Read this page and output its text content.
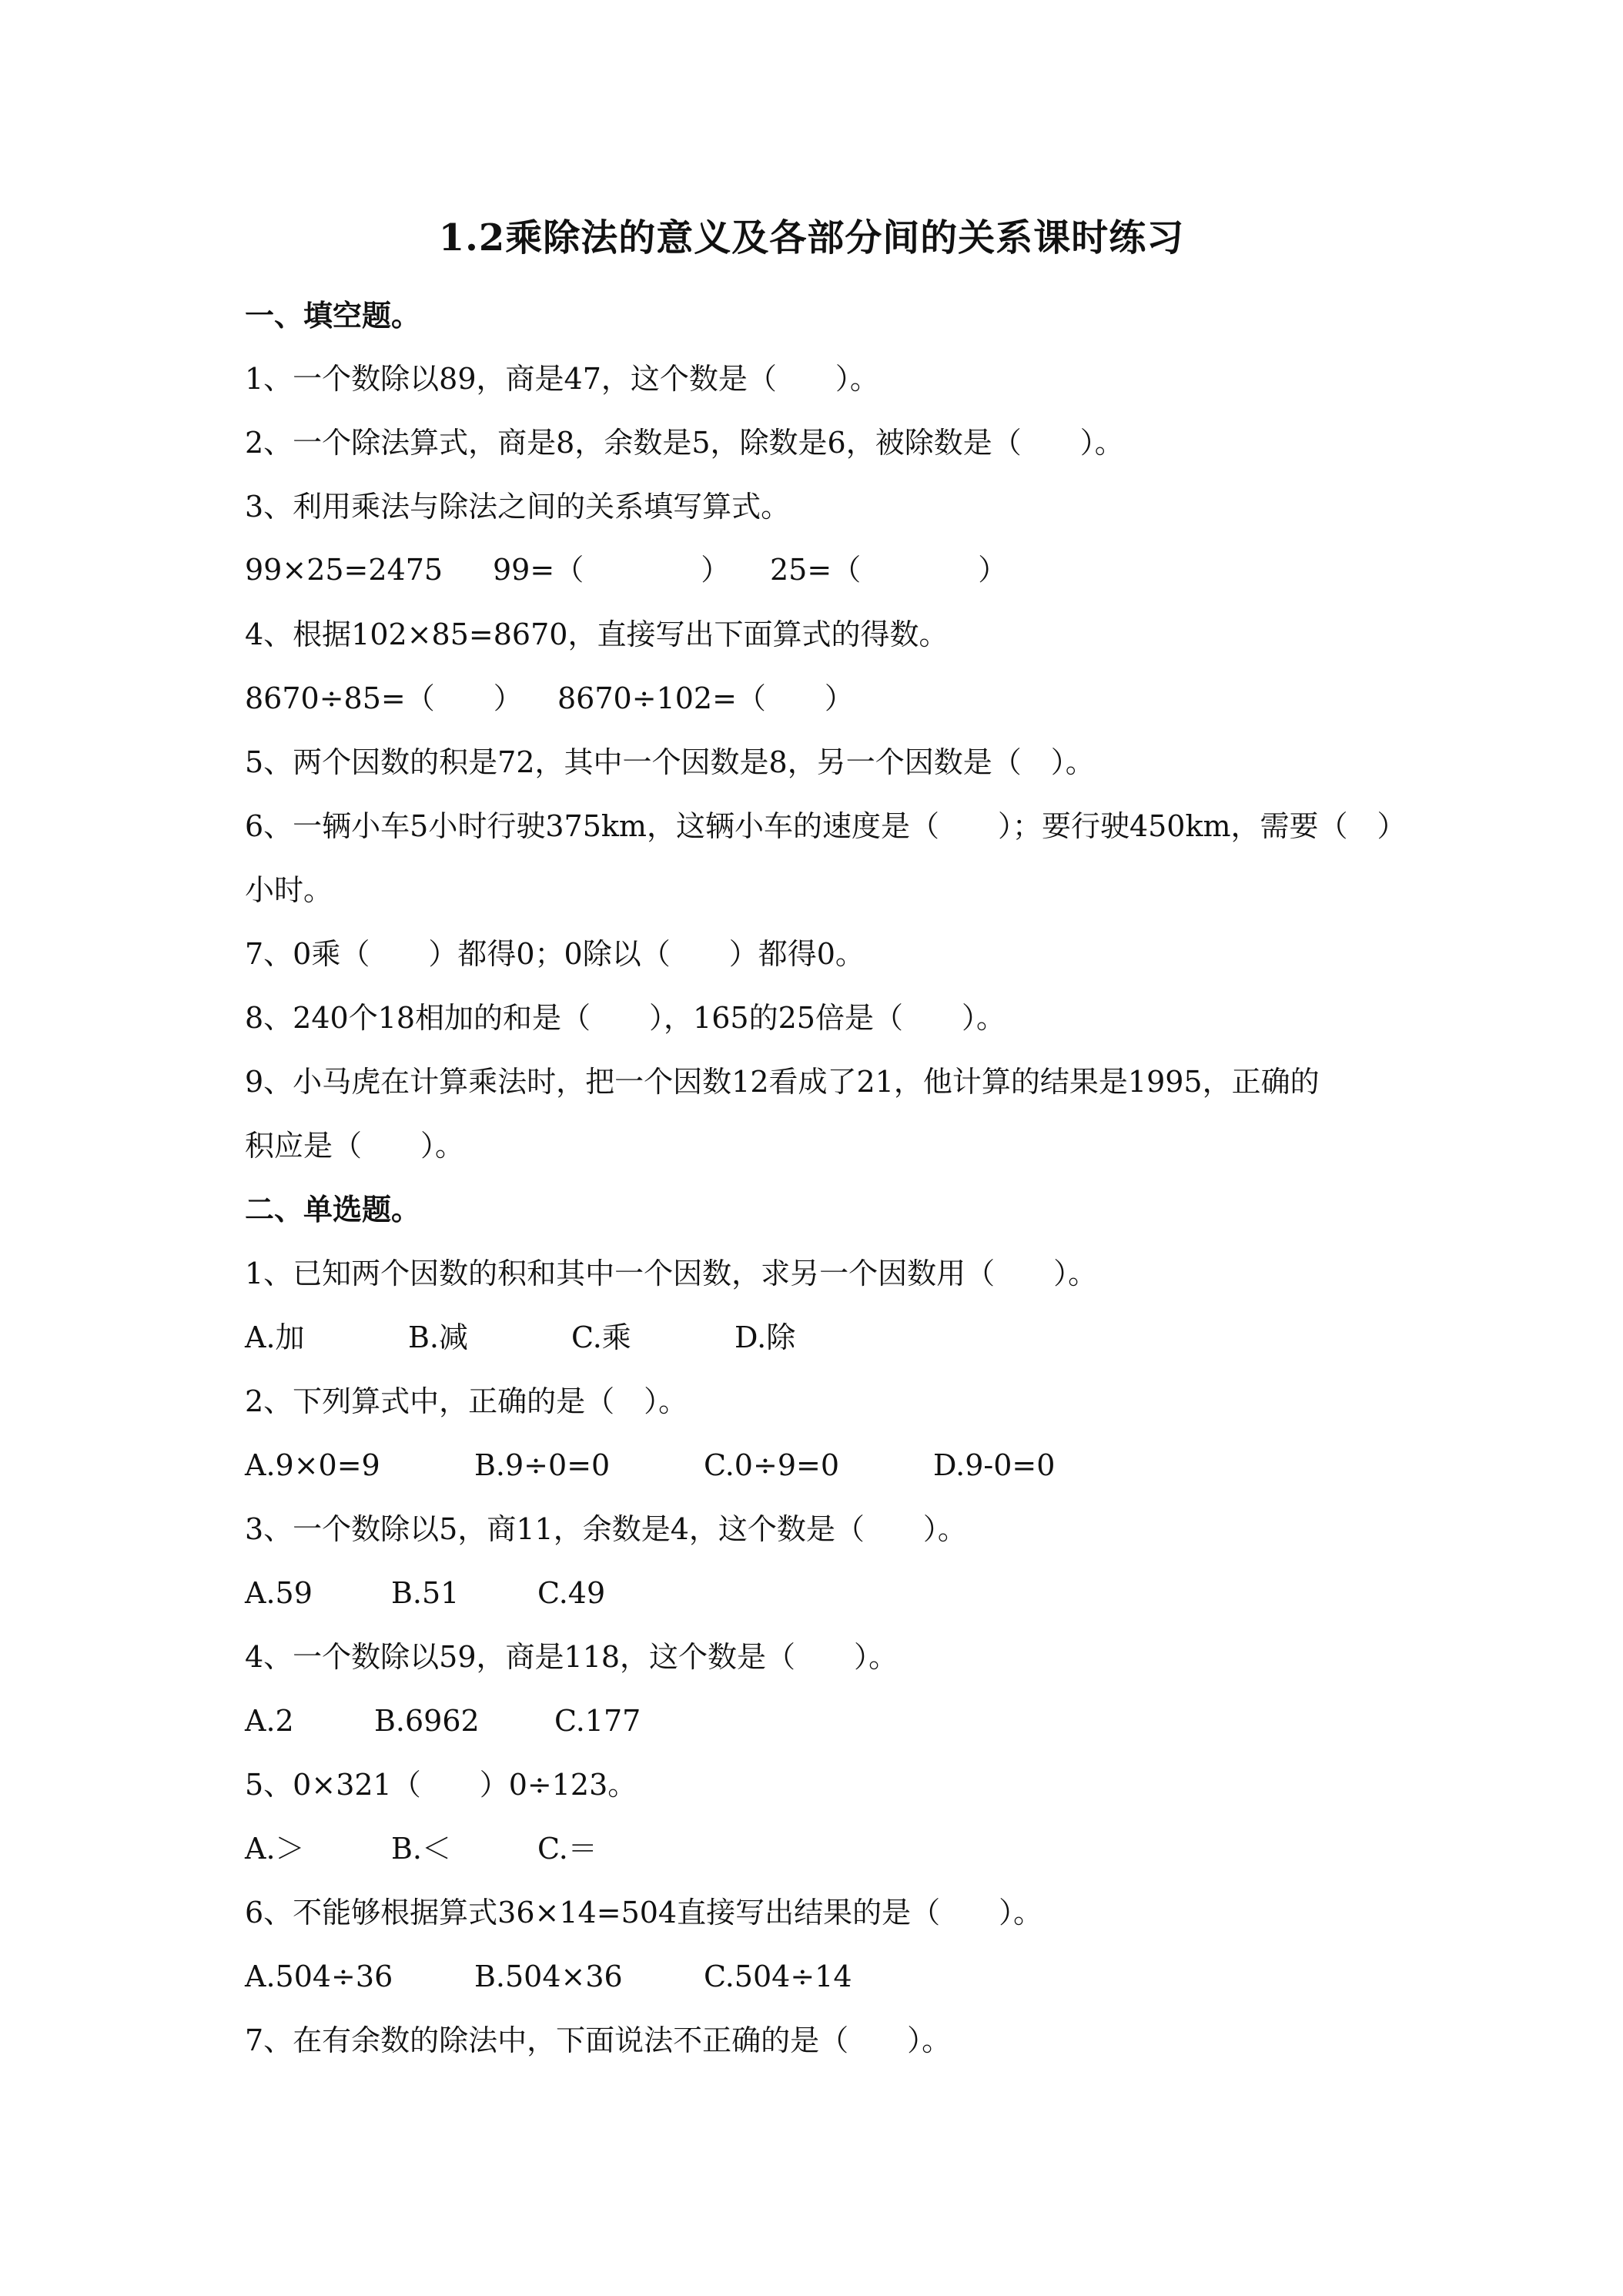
1.2乘除法的意义及各部分间的关系课时练习
一、填空题。
1、一个数除以89，商是47，这个数是（　　）。
2、一个除法算式，商是8，余数是5，除数是6，被除数是（　　）。
3、利用乘法与除法之间的关系填写算式。
99×25=2475 99=（　　　　） 25=（　　　　）
4、根据102×85=8670，直接写出下面算式的得数。
8670÷85=（　　） 8670÷102=（　　）
5、两个因数的积是72，其中一个因数是8，另一个因数是（　）。
6、一辆小车5小时行驶375km，这辆小车的速度是（　　）；要行驶450km，需要（　）
小时。
7、0乘（　　）都得0；0除以（　　）都得0。
8、240个18相加的和是（　　），165的25倍是（　　）。
9、小马虎在计算乘法时，把一个因数12看成了21，他计算的结果是1995，正确的
积应是（　　）。
二、单选题。
1、已知两个因数的积和其中一个因数，求另一个因数用（　　）。
A.加	B.减	C.乘	D.除
2、下列算式中，正确的是（　）。
A.9×0=9	B.9÷0=0	C.0÷9=0	D.9-0=0
3、一个数除以5，商11，余数是4，这个数是（　　）。
A.59	B.51	C.49
4、一个数除以59，商是118，这个数是（　　）。
A.2	B.6962	C.177
5、0×321（　　）0÷123。
A.＞	B.＜	C.＝
6、不能够根据算式36×14=504直接写出结果的是（　　）。
A.504÷36	B.504×36	C.504÷14
7、在有余数的除法中，下面说法不正确的是（　　）。
